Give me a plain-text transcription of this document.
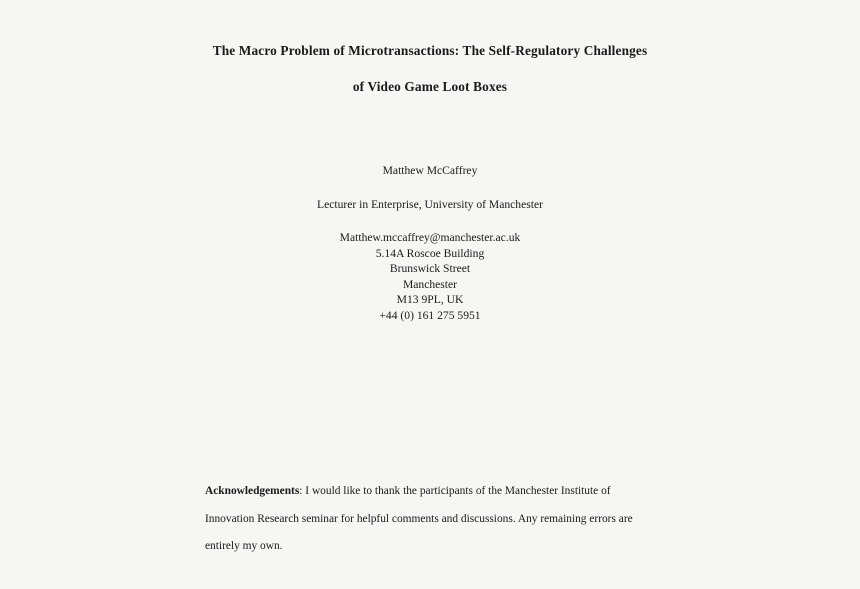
The Macro Problem of Microtransactions: The Self-Regulatory Challenges
of Video Game Loot Boxes
Matthew McCaffrey
Lecturer in Enterprise, University of Manchester
Matthew.mccaffrey@manchester.ac.uk
5.14A Roscoe Building
Brunswick Street
Manchester
M13 9PL, UK
+44 (0) 161 275 5951
Acknowledgements: I would like to thank the participants of the Manchester Institute of Innovation Research seminar for helpful comments and discussions. Any remaining errors are entirely my own.
